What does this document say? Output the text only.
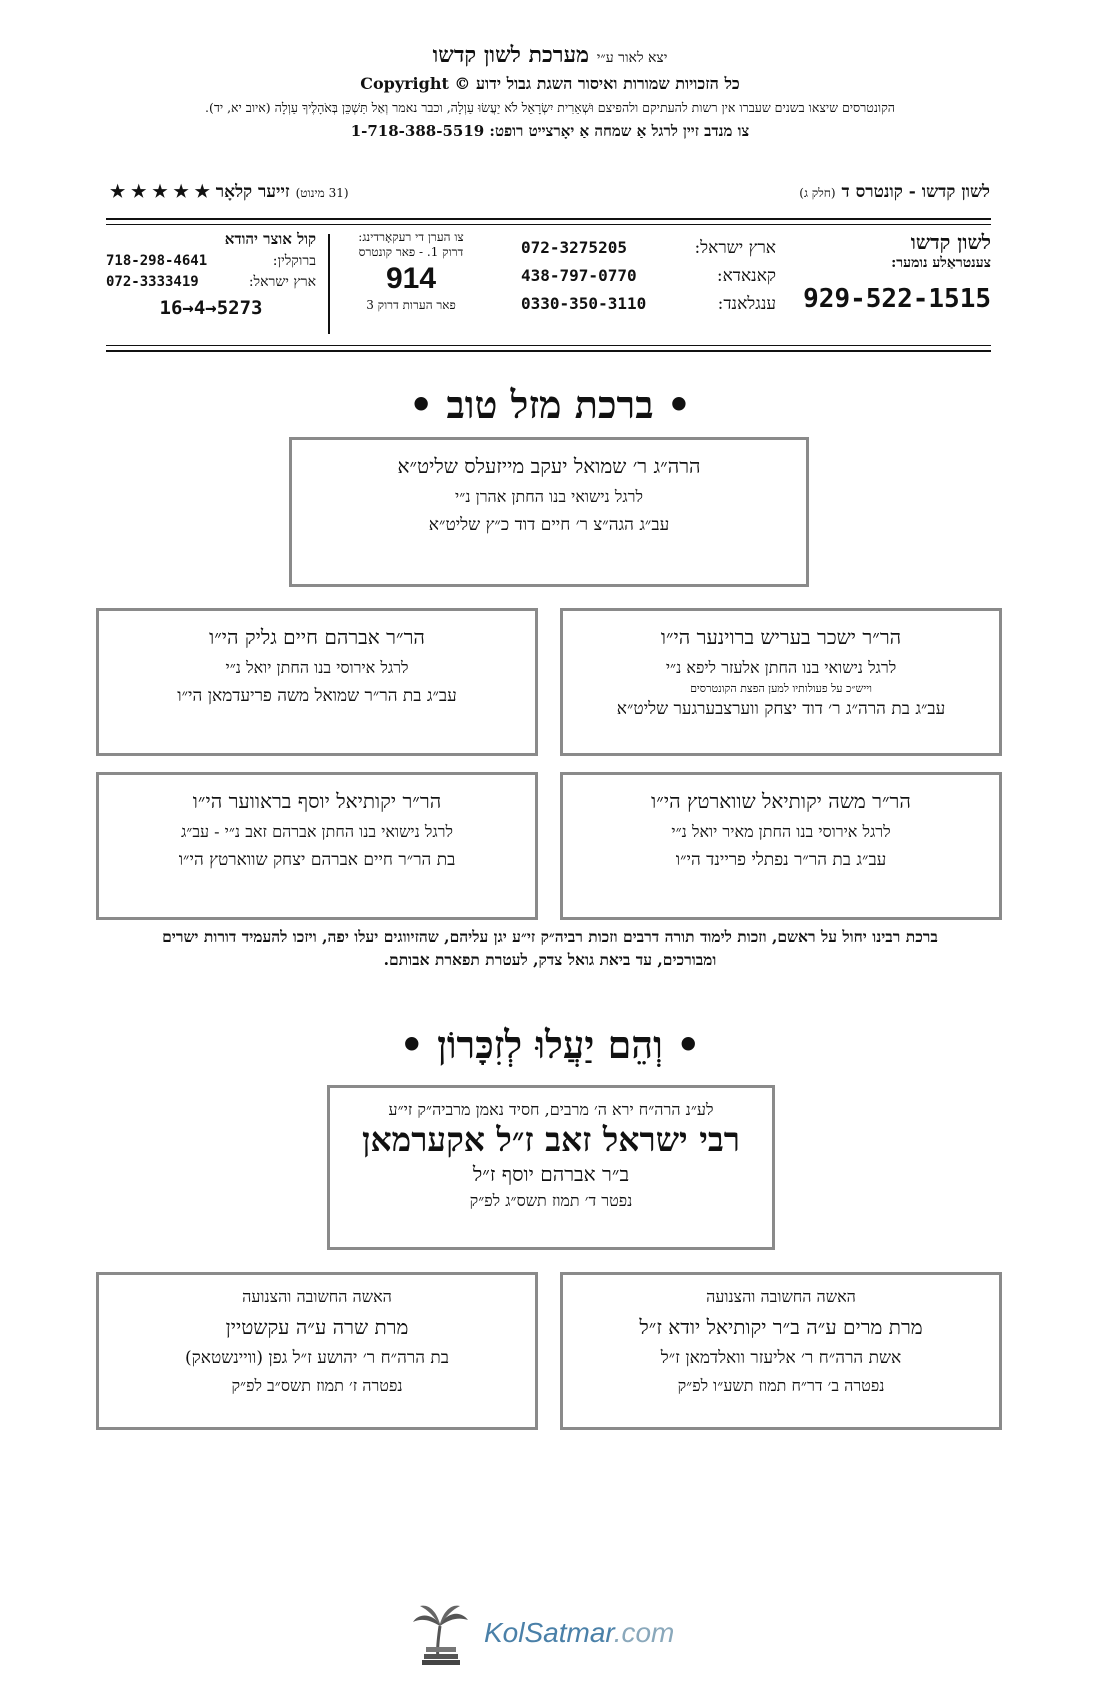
יצא לאור ע״י מערכת לשון קדשו
כל הזכויות שמורות ואיסור השגת גבול ידוע © Copyright
הקונטרסים שיצאו בשנים שעברו אין רשות להעתיקם ולהפיצם וּשְׁאֵרִית יִשְׂרָאֵל לֹא יַעֲשׂוּ עַוְלָה, וכבר נאמר וְאַל תַּשְׁכֵּן בְּאֹהָלֶיךָ עַוְלָה (איוב יא, יד).
צו מנדב זיין לרגל אַ שמחה אַ יאָרצייט רופט: 1-718-388-5519
לשון קדשו - קונטרס ד (חלק ג)
(31 מינוט) זייער קלאָר ★ ★ ★ ★ ★
לשון קדשו
צענטראַלע נומער:
929-522-1515
ארץ ישראל:
072-3275205
קאנאדא:
438-797-0770
ענגלאנד:
0330-350-3110
צו הערן די רעקאָרדינג:
דרוק 1. - פאר קונטרס
914
פאר הערות דרוק 3
קול אוצר יהודא
ברוקלין:
718-298-4641
ארץ ישראל:
072-3333419
16→4→5273
• ברכת מזל טוב •
הרה״ג ר׳ שמואל יעקב מייזעלס שליט״א
לרגל נישואי בנו החתן אהרן נ״י
עב״ג הגה״צ ר׳ חיים דוד כ״ץ שליט״א
הר״ר ישכר בעריש ברוינער הי״ו
לרגל נישואי בנו החתן אלעזר ליפא נ״י
וייש״כ על פעולותיו למען הפצת הקונטרסים
עב״ג בת הרה״ג ר׳ דוד יצחק ווערצבערגער שליט״א
הר״ר אברהם חיים גליק הי״ו
לרגל אירוסי בנו החתן יואל נ״י
עב״ג בת הר״ר שמואל משה פריעדמאן הי״ו
הר״ר משה יקותיאל שווארטץ הי״ו
לרגל אירוסי בנו החתן מאיר יואל נ״י
עב״ג בת הר״ר נפתלי פריינד הי״ו
הר״ר יקותיאל יוסף בראווער הי״ו
לרגל נישואי בנו החתן אברהם זאב נ״י - עב״ג
בת הר״ר חיים אברהם יצחק שווארטץ הי״ו
ברכת רבינו יחול על ראשם, וזכות לימוד תורה דרבים וזכות רביה״ק זי״ע יגן עליהם, שהזיווגים יעלו יפה, ויזכו להעמיד דורות ישרים ומבורכים, עד ביאת גואל צדק, לעטרת תפארת אבותם.
• וְהֵם יַעֲלוּ לְזִכָּרוֹן •
לע״נ הרה״ח ירא ה׳ מרבים, חסיד נאמן מרביה״ק זי״ע
רבי ישראל זאב ז״ל אקערמאן
ב״ר אברהם יוסף ז״ל
נפטר ד׳ תמוז תשס״ג לפ״ק
האשה החשובה והצנועה
מרת מרים ע״ה ב״ר יקותיאל יודא ז״ל
אשת הרה״ח ר׳ אליעזר וואלדמאן ז״ל
נפטרה ב׳ דר״ח תמוז תשע״ו לפ״ק
האשה החשובה והצנועה
מרת שרה ע״ה עקשטיין
בת הרה״ח ר׳ יהושע ז״ל גפן (וויינשטאק)
נפטרה ז׳ תמוז תשס״ב לפ״ק
KolSatmar.com
